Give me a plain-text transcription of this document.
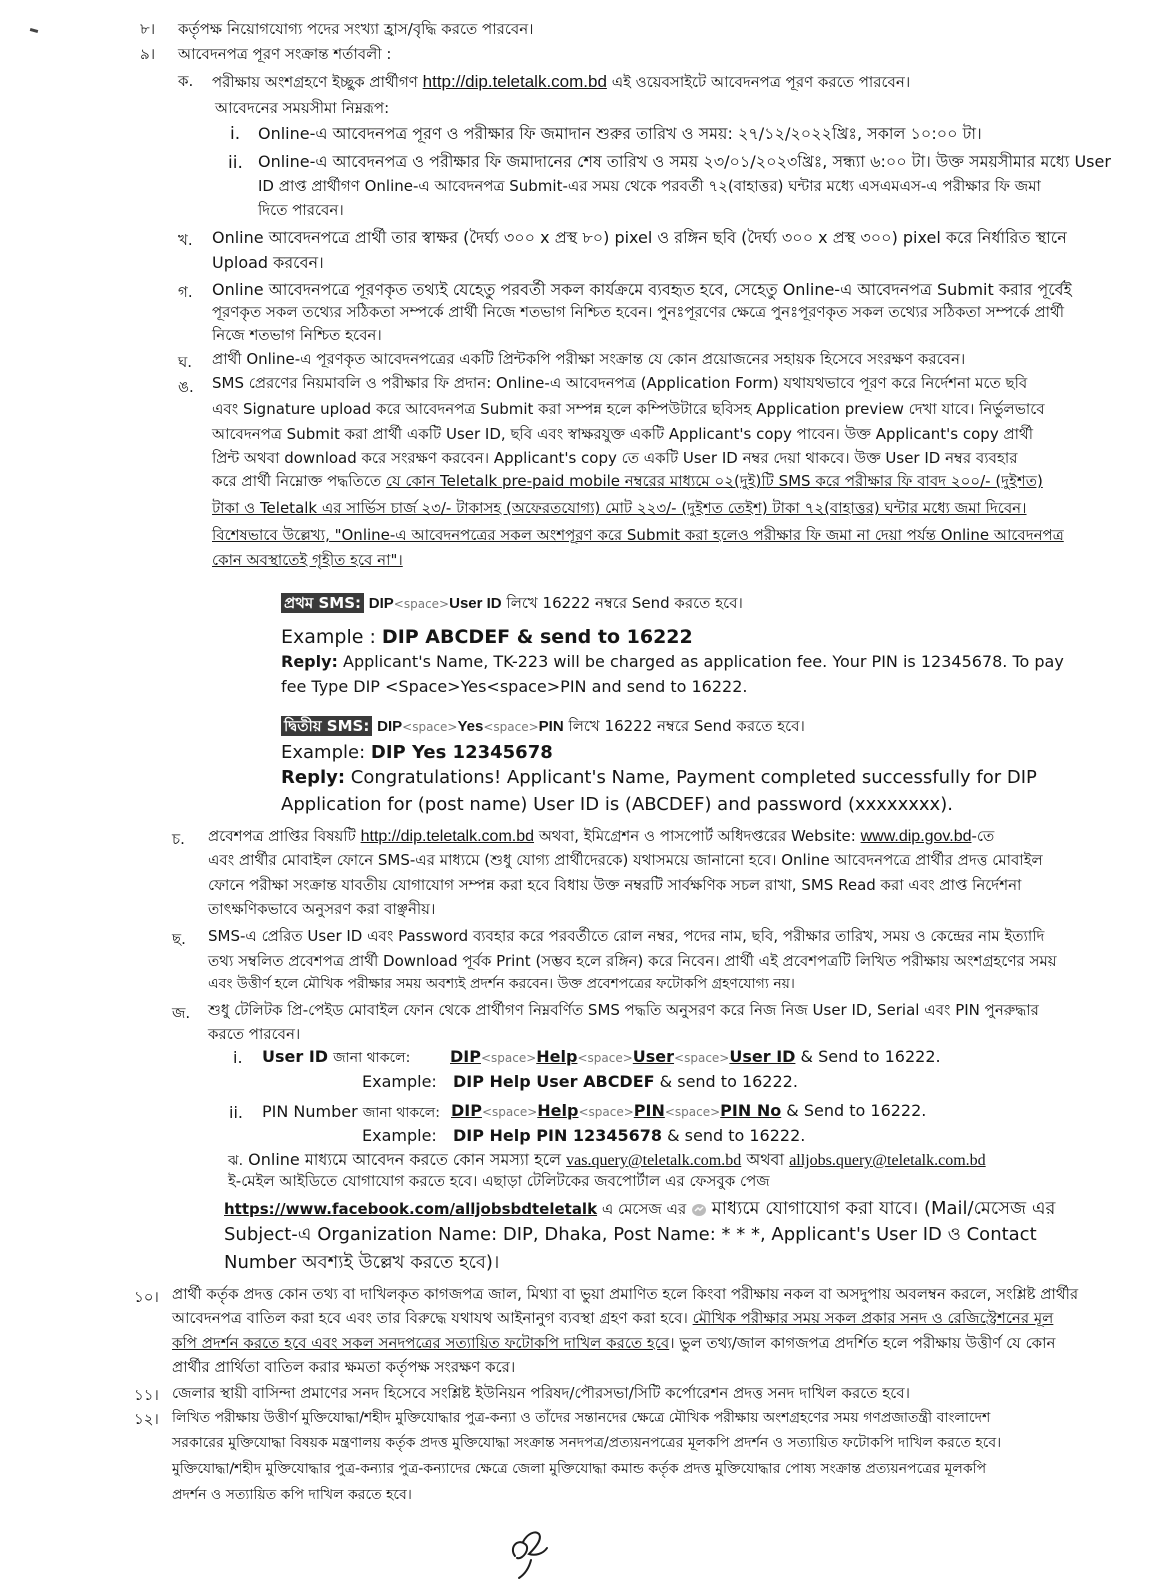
৮। কর্তৃপক্ষ নিয়োগযোগ্য পদের সংখ্যা হ্রাস/বৃদ্ধি করতে পারবেন।
৯। আবেদনপত্র পূরণ সংক্রান্ত শর্তাবলী :
ক. পরীক্ষায় অংশগ্রহণে ইচ্ছুক প্রার্থীগণ http://dip.teletalk.com.bd এই ওয়েবসাইটে আবেদনপত্র পূরণ করতে পারবেন।
আবেদনের সময়সীমা নিম্নরূপ:
i. Online-এ আবেদনপত্র পূরণ ও পরীক্ষার ফি জমাদান শুরুর তারিখ ও সময়: ২৭/১২/২০২২খ্রিঃ, সকাল ১০:০০ টা।
ii. Online-এ আবেদনপত্র ও পরীক্ষার ফি জমাদানের শেষ তারিখ ও সময় ২৩/০১/২০২৩খ্রিঃ, সন্ধ্যা ৬:০০ টা। উক্ত সময়সীমার মধ্যে User
ID প্রাপ্ত প্রার্থীগণ Online-এ আবেদনপত্র Submit-এর সময় থেকে পরবর্তী ৭২(বাহাত্তর) ঘন্টার মধ্যে এসএমএস-এ পরীক্ষার ফি জমা
দিতে পারবেন।
খ. Online আবেদনপত্রে প্রার্থী তার স্বাক্ষর (দৈর্ঘ্য ৩০০ x প্রস্থ ৮০) pixel ও রঙ্গিন ছবি (দৈর্ঘ্য ৩০০ x প্রস্থ ৩০০) pixel করে নির্ধারিত স্থানে
Upload করবেন।
গ. Online আবেদনপত্রে পূরণকৃত তথ্যই যেহেতু পরবর্তী সকল কার্যক্রমে ব্যবহৃত হবে, সেহেতু Online-এ আবেদনপত্র Submit করার পূর্বেই
পূরণকৃত সকল তথ্যের সঠিকতা সম্পর্কে প্রার্থী নিজে শতভাগ নিশ্চিত হবেন। পুনঃপূরণের ক্ষেত্রে পুনঃপূরণকৃত সকল তথ্যের সঠিকতা সম্পর্কে প্রার্থী
নিজে শতভাগ নিশ্চিত হবেন।
ঘ. প্রার্থী Online-এ পূরণকৃত আবেদনপত্রের একটি প্রিন্টকপি পরীক্ষা সংক্রান্ত যে কোন প্রয়োজনের সহায়ক হিসেবে সংরক্ষণ করবেন।
ঙ. SMS প্রেরণের নিয়মাবলি ও পরীক্ষার ফি প্রদান: Online-এ আবেদনপত্র (Application Form) যথাযথভাবে পূরণ করে নির্দেশনা মতে ছবি
এবং Signature upload করে আবেদনপত্র Submit করা সম্পন্ন হলে কম্পিউটারে ছবিসহ Application preview দেখা যাবে। নির্ভুলভাবে
আবেদনপত্র Submit করা প্রার্থী একটি User ID, ছবি এবং স্বাক্ষরযুক্ত একটি Applicant's copy পাবেন। উক্ত Applicant's copy প্রার্থী
প্রিন্ট অথবা download করে সংরক্ষণ করবেন। Applicant's copy তে একটি User ID নম্বর দেয়া থাকবে। উক্ত User ID নম্বর ব্যবহার
করে প্রার্থী নিম্নোক্ত পদ্ধতিতে যে কোন Teletalk pre-paid mobile নম্বরের মাধ্যমে ০২(দুই)টি SMS করে পরীক্ষার ফি বাবদ ২০০/- (দুইশত)
টাকা ও Teletalk এর সার্ভিস চার্জ ২৩/- টাকাসহ (অফেরতযোগ্য) মোট ২২৩/- (দুইশত তেইশ) টাকা ৭২(বাহাত্তর) ঘন্টার মধ্যে জমা দিবেন।
বিশেষভাবে উল্লেখ্য, "Online-এ আবেদনপত্রের সকল অংশপূরণ করে Submit করা হলেও পরীক্ষার ফি জমা না দেয়া পর্যন্ত Online আবেদনপত্র
কোন অবস্থাতেই গৃহীত হবে না"।
প্রথম SMS: DIP<space>User ID লিখে 16222 নম্বরে Send করতে হবে।
Example : DIP ABCDEF & send to 16222
Reply: Applicant's Name, TK-223 will be charged as application fee. Your PIN is 12345678. To pay
fee Type DIP <Space>Yes<space>PIN and send to 16222.
দ্বিতীয় SMS: DIP<space>Yes<space>PIN লিখে 16222 নম্বরে Send করতে হবে।
Example: DIP Yes 12345678
Reply: Congratulations! Applicant's Name, Payment completed successfully for DIP
Application for (post name) User ID is (ABCDEF) and password (xxxxxxxx).
চ. প্রবেশপত্র প্রাপ্তির বিষয়টি http://dip.teletalk.com.bd অথবা, ইমিগ্রেশন ও পাসপোর্ট অধিদপ্তরের Website: www.dip.gov.bd-তে
এবং প্রার্থীর মোবাইল ফোনে SMS-এর মাধ্যমে (শুধু যোগ্য প্রার্থীদেরকে) যথাসময়ে জানানো হবে। Online আবেদনপত্রে প্রার্থীর প্রদত্ত মোবাইল
ফোনে পরীক্ষা সংক্রান্ত যাবতীয় যোগাযোগ সম্পন্ন করা হবে বিধায় উক্ত নম্বরটি সার্বক্ষণিক সচল রাখা, SMS Read করা এবং প্রাপ্ত নির্দেশনা
তাৎক্ষণিকভাবে অনুসরণ করা বাঞ্ছনীয়।
ছ. SMS-এ প্রেরিত User ID এবং Password ব্যবহার করে পরবর্তীতে রোল নম্বর, পদের নাম, ছবি, পরীক্ষার তারিখ, সময় ও কেন্দ্রের নাম ইত্যাদি
তথ্য সম্বলিত প্রবেশপত্র প্রার্থী Download পূর্বক Print (সম্ভব হলে রঙ্গিন) করে নিবেন। প্রার্থী এই প্রবেশপত্রটি লিখিত পরীক্ষায় অংশগ্রহণের সময়
এবং উত্তীর্ণ হলে মৌখিক পরীক্ষার সময় অবশ্যই প্রদর্শন করবেন। উক্ত প্রবেশপত্রের ফটোকপি গ্রহণযোগ্য নয়।
জ. শুধু টেলিটক প্রি-পেইড মোবাইল ফোন থেকে প্রার্থীগণ নিম্নবর্ণিত SMS পদ্ধতি অনুসরণ করে নিজ নিজ User ID, Serial এবং PIN পুনরুদ্ধার
করতে পারবেন।
i. User ID জানা থাকলে: DIP<space>Help<space>User<space>User ID & Send to 16222.
Example: DIP Help User ABCDEF & send to 16222.
ii. PIN Number জানা থাকলে: DIP<space>Help<space>PIN<space>PIN No & Send to 16222.
Example: DIP Help PIN 12345678 & send to 16222.
ঝ. Online মাধ্যমে আবেদন করতে কোন সমস্যা হলে vas.query@teletalk.com.bd অথবা alljobs.query@teletalk.com.bd
ই-মেইল আইডিতে যোগাযোগ করতে হবে। এছাড়া টেলিটকের জবপোর্টাল এর ফেসবুক পেজ
https://www.facebook.com/alljobsbdteletalk এ মেসেজ এর মাধ্যমে যোগাযোগ করা যাবে। (Mail/মেসেজ এর
Subject-এ Organization Name: DIP, Dhaka, Post Name: * * *, Applicant's User ID ও Contact
Number অবশ্যই উল্লেখ করতে হবে)।
১০। প্রার্থী কর্তৃক প্রদত্ত কোন তথ্য বা দাখিলকৃত কাগজপত্র জাল, মিথ্যা বা ভুয়া প্রমাণিত হলে কিংবা পরীক্ষায় নকল বা অসদুপায় অবলম্বন করলে, সংশ্লিষ্ট প্রার্থীর
আবেদনপত্র বাতিল করা হবে এবং তার বিরুদ্ধে যথাযথ আইনানুগ ব্যবস্থা গ্রহণ করা হবে। মৌখিক পরীক্ষার সময় সকল প্রকার সনদ ও রেজিস্ট্রেশনের মূল
কপি প্রদর্শন করতে হবে এবং সকল সনদপত্রের সত্যায়িত ফটোকপি দাখিল করতে হবে। ভুল তথ্য/জাল কাগজপত্র প্রদর্শিত হলে পরীক্ষায় উত্তীর্ণ যে কোন
প্রার্থীর প্রার্থিতা বাতিল করার ক্ষমতা কর্তৃপক্ষ সংরক্ষণ করে।
১১। জেলার স্থায়ী বাসিন্দা প্রমাণের সনদ হিসেবে সংশ্লিষ্ট ইউনিয়ন পরিষদ/পৌরসভা/সিটি কর্পোরেশন প্রদত্ত সনদ দাখিল করতে হবে।
১২। লিখিত পরীক্ষায় উত্তীর্ণ মুক্তিযোদ্ধা/শহীদ মুক্তিযোদ্ধার পুত্র-কন্যা ও তাঁদের সন্তানদের ক্ষেত্রে মৌখিক পরীক্ষায় অংশগ্রহণের সময় গণপ্রজাতন্ত্রী বাংলাদেশ
সরকারের মুক্তিযোদ্ধা বিষয়ক মন্ত্রণালয় কর্তৃক প্রদত্ত মুক্তিযোদ্ধা সংক্রান্ত সনদপত্র/প্রত্যয়নপত্রের মূলকপি প্রদর্শন ও সত্যায়িত ফটোকপি দাখিল করতে হবে।
মুক্তিযোদ্ধা/শহীদ মুক্তিযোদ্ধার পুত্র-কন্যার পুত্র-কন্যাদের ক্ষেত্রে জেলা মুক্তিযোদ্ধা কমান্ড কর্তৃক প্রদত্ত মুক্তিযোদ্ধার পোষ্য সংক্রান্ত প্রত্যয়নপত্রের মূলকপি
প্রদর্শন ও সত্যায়িত কপি দাখিল করতে হবে।
